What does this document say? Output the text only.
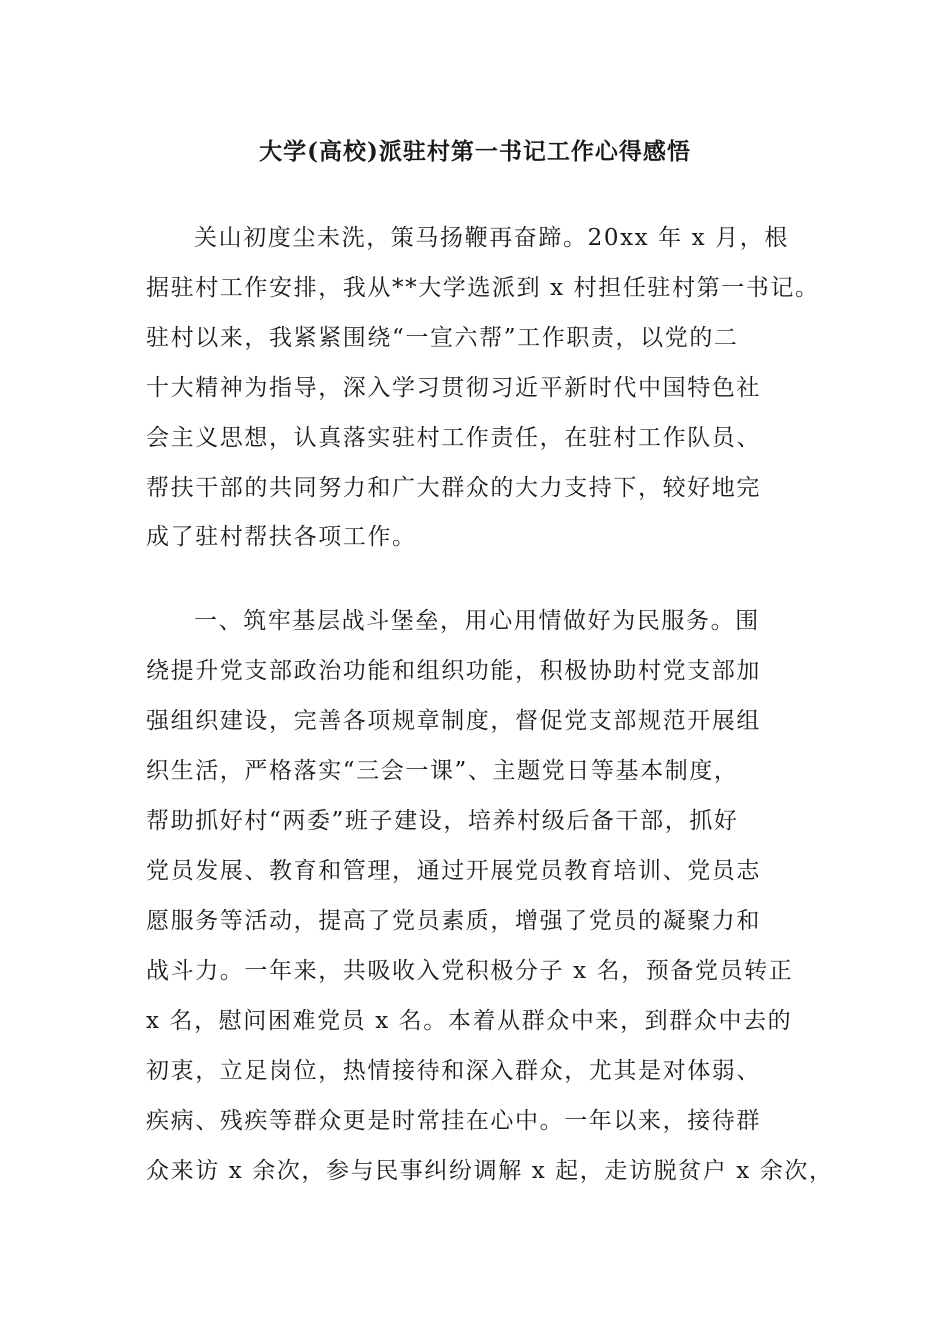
大学(高校)派驻村第一书记工作心得感悟
关山初度尘未洗，策马扬鞭再奋蹄。20xx 年 x 月，根
据驻村工作安排，我从**大学选派到 x 村担任驻村第一书记。
驻村以来，我紧紧围绕“一宣六帮”工作职责，以党的二
十大精神为指导，深入学习贯彻习近平新时代中国特色社
会主义思想，认真落实驻村工作责任，在驻村工作队员、
帮扶干部的共同努力和广大群众的大力支持下，较好地完
成了驻村帮扶各项工作。
一、筑牢基层战斗堡垒，用心用情做好为民服务。围
绕提升党支部政治功能和组织功能，积极协助村党支部加
强组织建设，完善各项规章制度，督促党支部规范开展组
织生活，严格落实“三会一课”、主题党日等基本制度，
帮助抓好村“两委”班子建设，培养村级后备干部，抓好
党员发展、教育和管理，通过开展党员教育培训、党员志
愿服务等活动，提高了党员素质，增强了党员的凝聚力和
战斗力。一年来，共吸收入党积极分子 x 名，预备党员转正
x 名，慰问困难党员 x 名。本着从群众中来，到群众中去的
初衷，立足岗位，热情接待和深入群众，尤其是对体弱、
疾病、残疾等群众更是时常挂在心中。一年以来，接待群
众来访 x 余次，参与民事纠纷调解 x 起，走访脱贫户 x 余次，
